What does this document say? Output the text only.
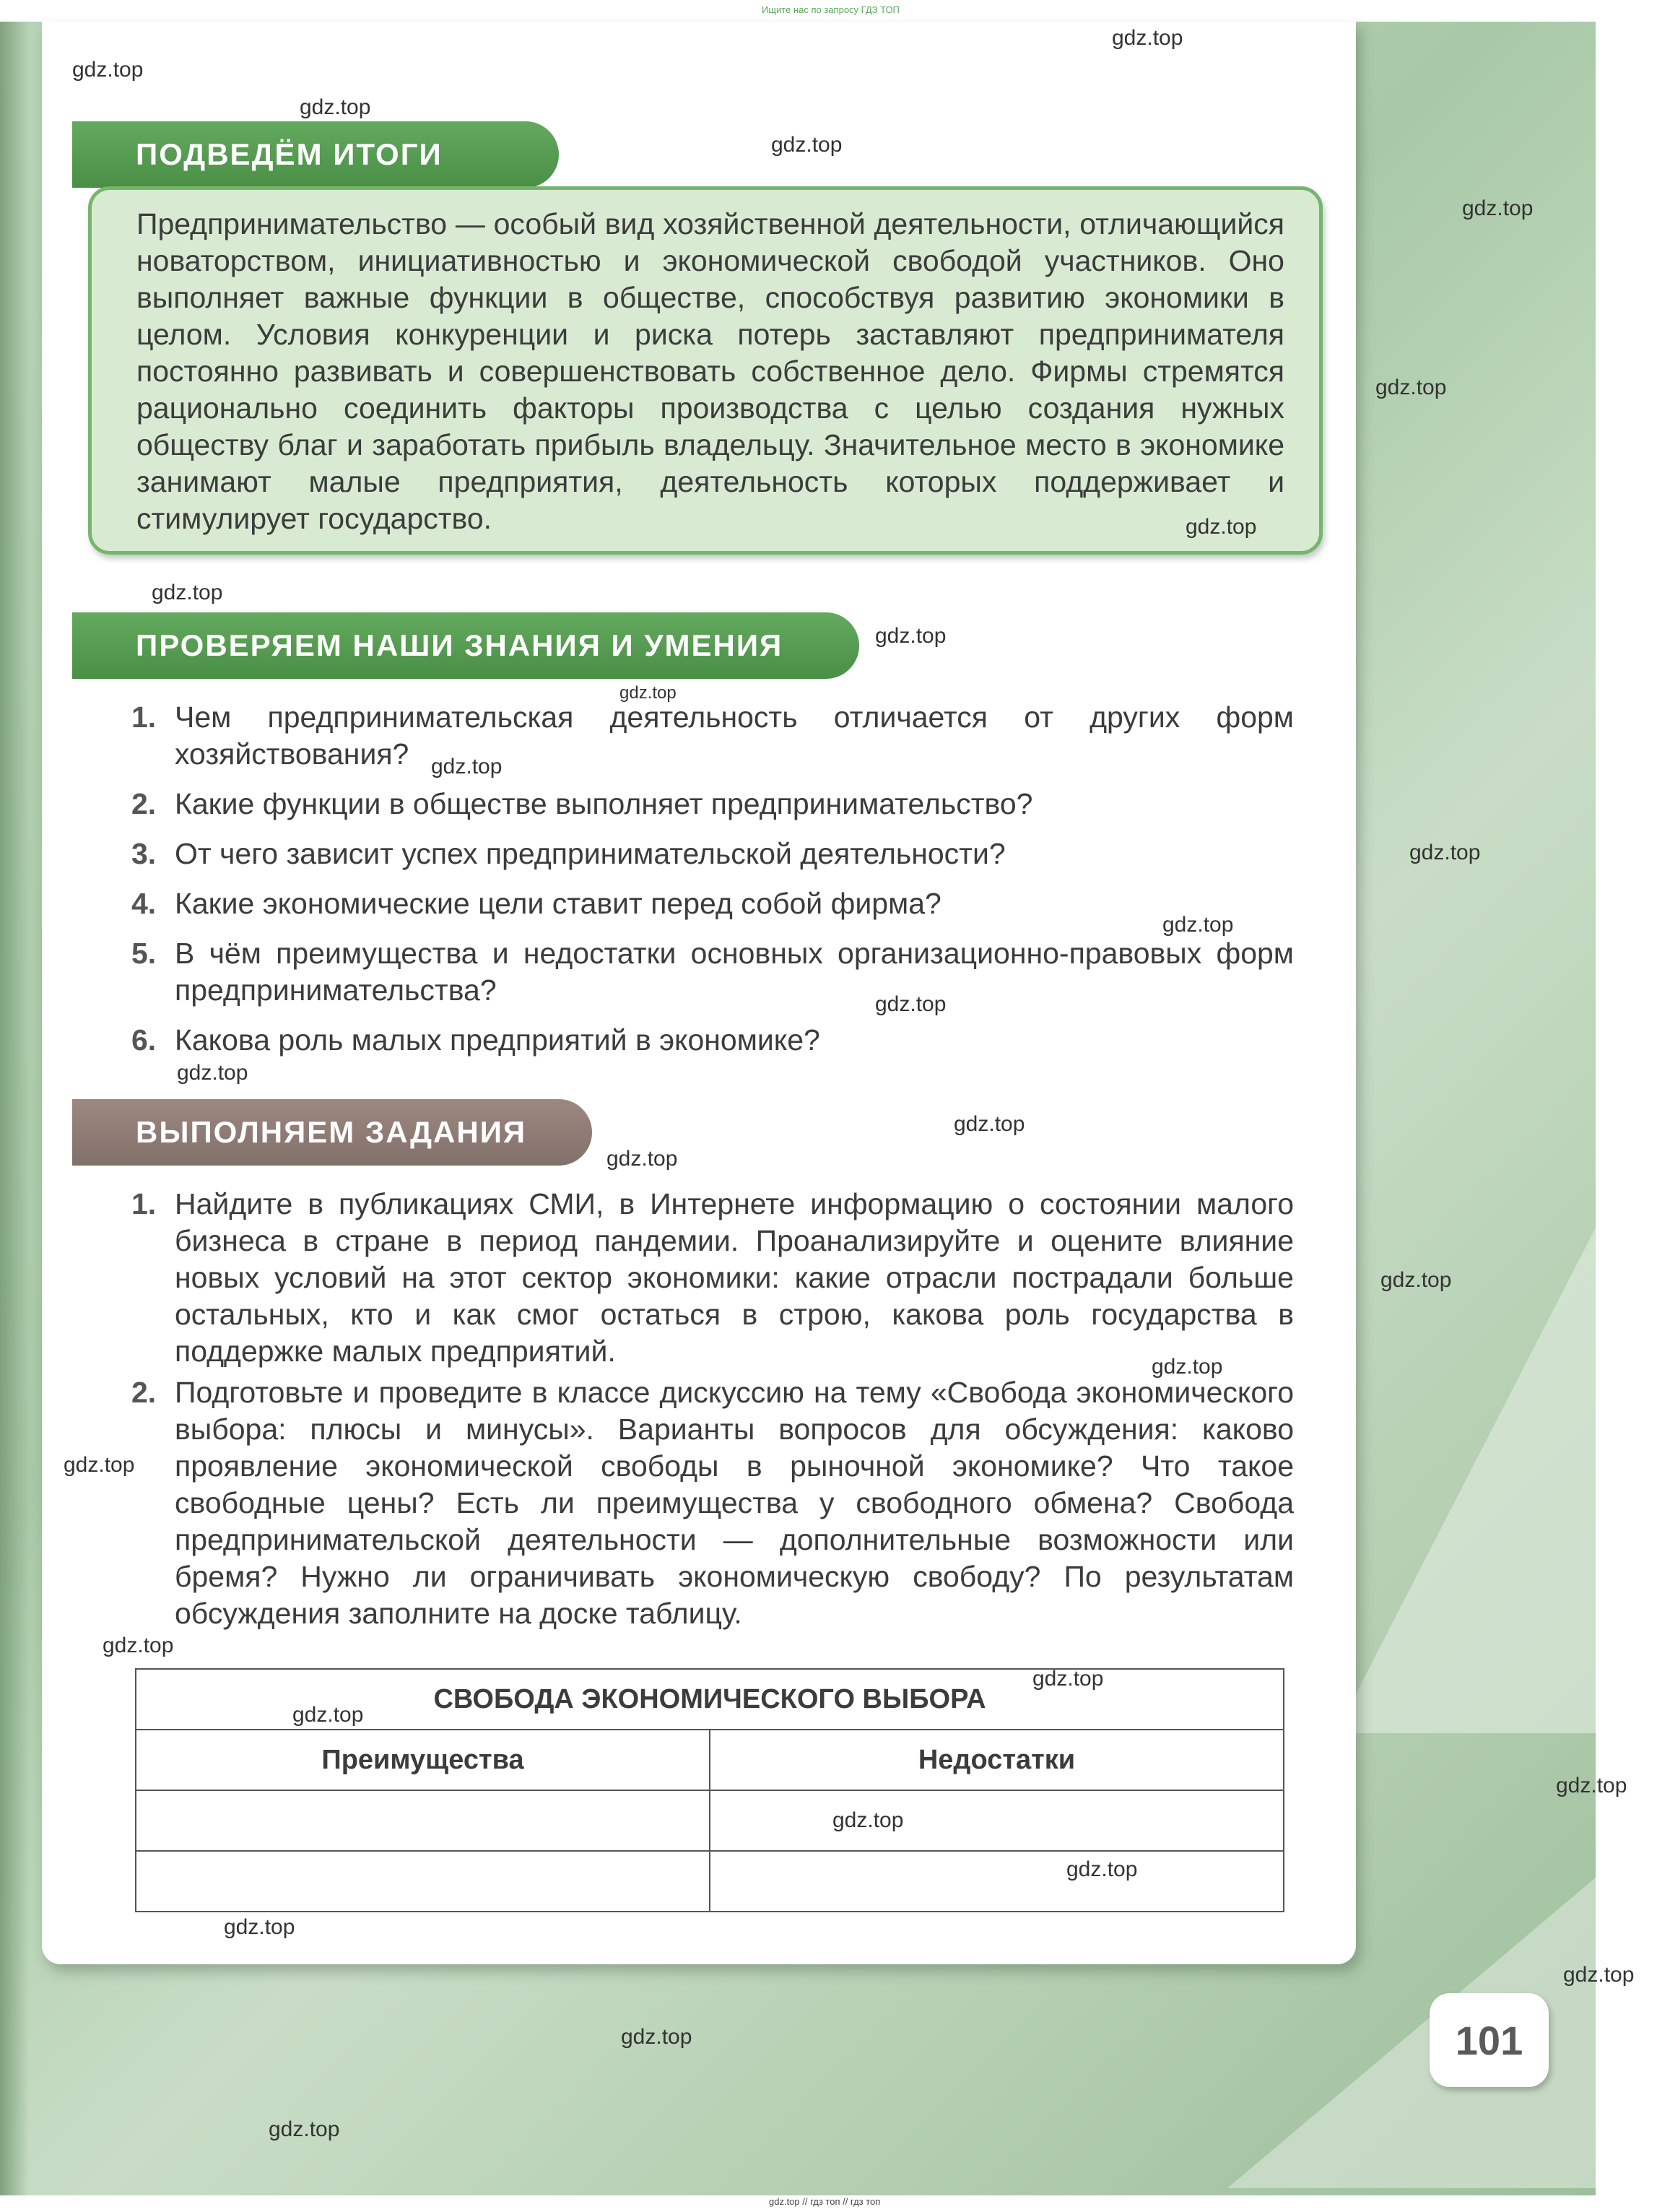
Ищите нас по запросу ГДЗ ТОП
ПОДВЕДЁМ ИТОГИ
Предпринимательство — особый вид хозяйственной деятельности, отличающийся новаторством, инициативностью и экономической свободой участников. Оно выполняет важные функции в обществе, способствуя развитию экономики в целом. Условия конкуренции и риска потерь заставляют предпринимателя постоянно развивать и совершенствовать собственное дело. Фирмы стремятся рационально соединить факторы производства с целью создания нужных обществу благ и заработать прибыль владельцу. Значительное место в экономике занимают малые предприятия, деятельность которых поддерживает и стимулирует государство.
ПРОВЕРЯЕМ НАШИ ЗНАНИЯ И УМЕНИЯ
1. Чем предпринимательская деятельность отличается от других форм хозяйствования?
2. Какие функции в обществе выполняет предпринимательство?
3. От чего зависит успех предпринимательской деятельности?
4. Какие экономические цели ставит перед собой фирма?
5. В чём преимущества и недостатки основных организационно-правовых форм предпринимательства?
6. Какова роль малых предприятий в экономике?
ВЫПОЛНЯЕМ ЗАДАНИЯ
1. Найдите в публикациях СМИ, в Интернете информацию о состоянии малого бизнеса в стране в период пандемии. Проанализируйте и оцените влияние новых условий на этот сектор экономики: какие отрасли пострадали больше остальных, кто и как смог остаться в строю, какова роль государства в поддержке малых предприятий.
2. Подготовьте и проведите в классе дискуссию на тему «Свобода экономического выбора: плюсы и минусы». Варианты вопросов для обсуждения: каково проявление экономической свободы в рыночной экономике? Что такое свободные цены? Есть ли преимущества у свободного обмена? Свобода предпринимательской деятельности — дополнительные возможности или бремя? Нужно ли ограничивать экономическую свободу? По результатам обсуждения заполните на доске таблицу.
СВОБОДА ЭКОНОМИЧЕСКОГО ВЫБОРА	
Преимущества	Недостатки

101
gdz.top
gdz.top
gdz.top
gdz.top
gdz.top
gdz.top
gdz.top
gdz.top
gdz.top
gdz.top
gdz.top
gdz.top
gdz.top
gdz.top
gdz.top
gdz.top
gdz.top
gdz.top
gdz.top
gdz.top
gdz.top
gdz.top
gdz.top
gdz.top
gdz.top
gdz.top
gdz.top
gdz.top
gdz.top
gdz.top
gdz.top // гдз топ // гдз топ
